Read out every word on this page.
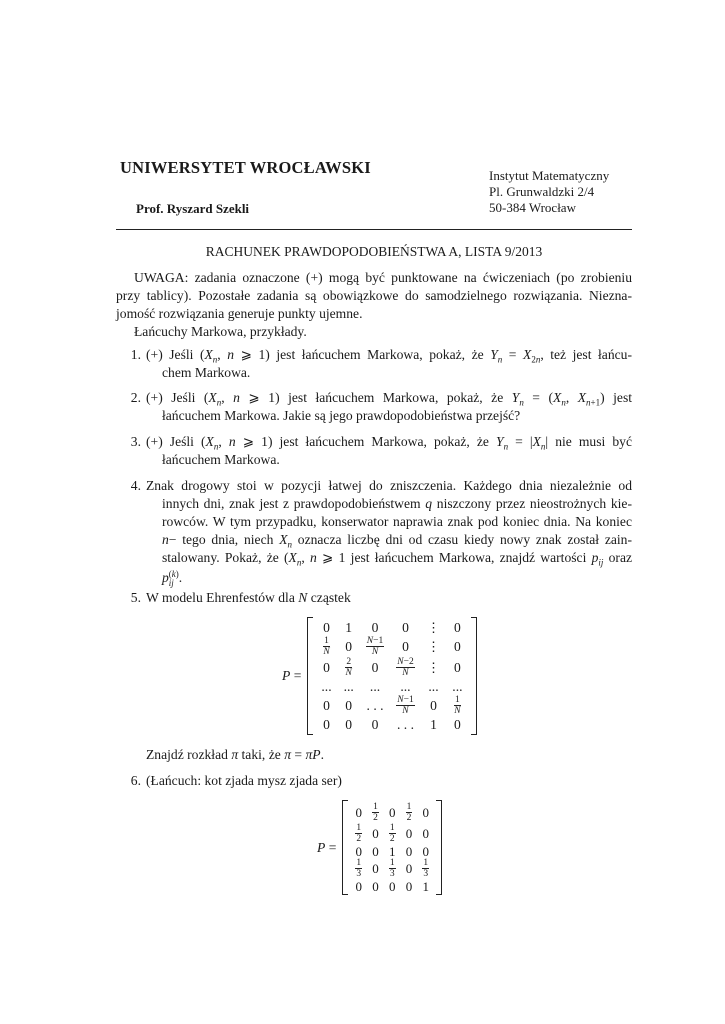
UNIWERSYTET WROCŁAWSKI
Prof. Ryszard Szekli
Instytut Matematyczny
Pl. Grunwaldzki 2/4
50-384 Wrocław
RACHUNEK PRAWDOPODOBIEŃSTWA A, LISTA 9/2013
UWAGA: zadania oznaczone (+) mogą być punktowane na ćwiczeniach (po zrobieniu
przy tablicy). Pozostałe zadania są obowiązkowe do samodzielnego rozwiązania. Niezna-
jomość rozwiązania generuje punkty ujemne.
Łańcuchy Markowa, przykłady.
1. (+) Jeśli ($X_n$, n ⩾ 1) jest łańcuchem Markowa, pokaż, że $Y_n = X_{2n}$, też jest łańcu-
chem Markowa.
2. (+) Jeśli ($X_n$, n ⩾ 1) jest łańcuchem Markowa, pokaż, że $Y_n = (X_n$, $X_{n+1}$) jest
łańcuchem Markowa. Jakie są jego prawdopodobieństwa przejść?
3. (+) Jeśli ($X_n$, n ⩾ 1) jest łańcuchem Markowa, pokaż, że $Y_n = |X_n|$ nie musi być
łańcuchem Markowa.
4. Znak drogowy stoi w pozycji łatwej do zniszczenia. Każdego dnia niezależnie od
innych dni, znak jest z prawdopodobieństwem q niszczony przez nieostrożnych kie-
rowców. W tym przypadku, konserwator naprawia znak pod koniec dnia. Na koniec
n− tego dnia, niech $X_n$ oznacza liczbę dni od czasu kiedy nowy znak został zain-
stalowany. Pokaż, że ($X_n$, n ⩾ 1 jest łańcuchem Markowa, znajdź wartości $p_{ij}$ oraz
p (k)
ij .
5. W modelu Ehrenfestów dla N cząstek
P =
0	1	0	0	⋮	0

$\frac{1}{N}$	0	$\frac{N-1}{N}$	0	⋮	0
0	$\frac{2}{N}$	0	$\frac{N-2}{N}$	⋮	0
...	...	...	...	...	...
0	0	. . .	$\frac{N-1}{N}$	0	$\frac{1}{N}$

0	0	0	. . .	1	0
Znajdź rozkład π taki, że π = πP.
6. (Łańcuch: kot zjada mysz zjada ser)
P =
0	$\frac{1}{2}$	0	$\frac{1}{2}$	0

$\frac{1}{2}$	0	$\frac{1}{2}$	0	0
0	0	1	0	0

$\frac{1}{3}$	0	$\frac{1}{3}$	0	$\frac{1}{3}$

0	0	0	0	1
